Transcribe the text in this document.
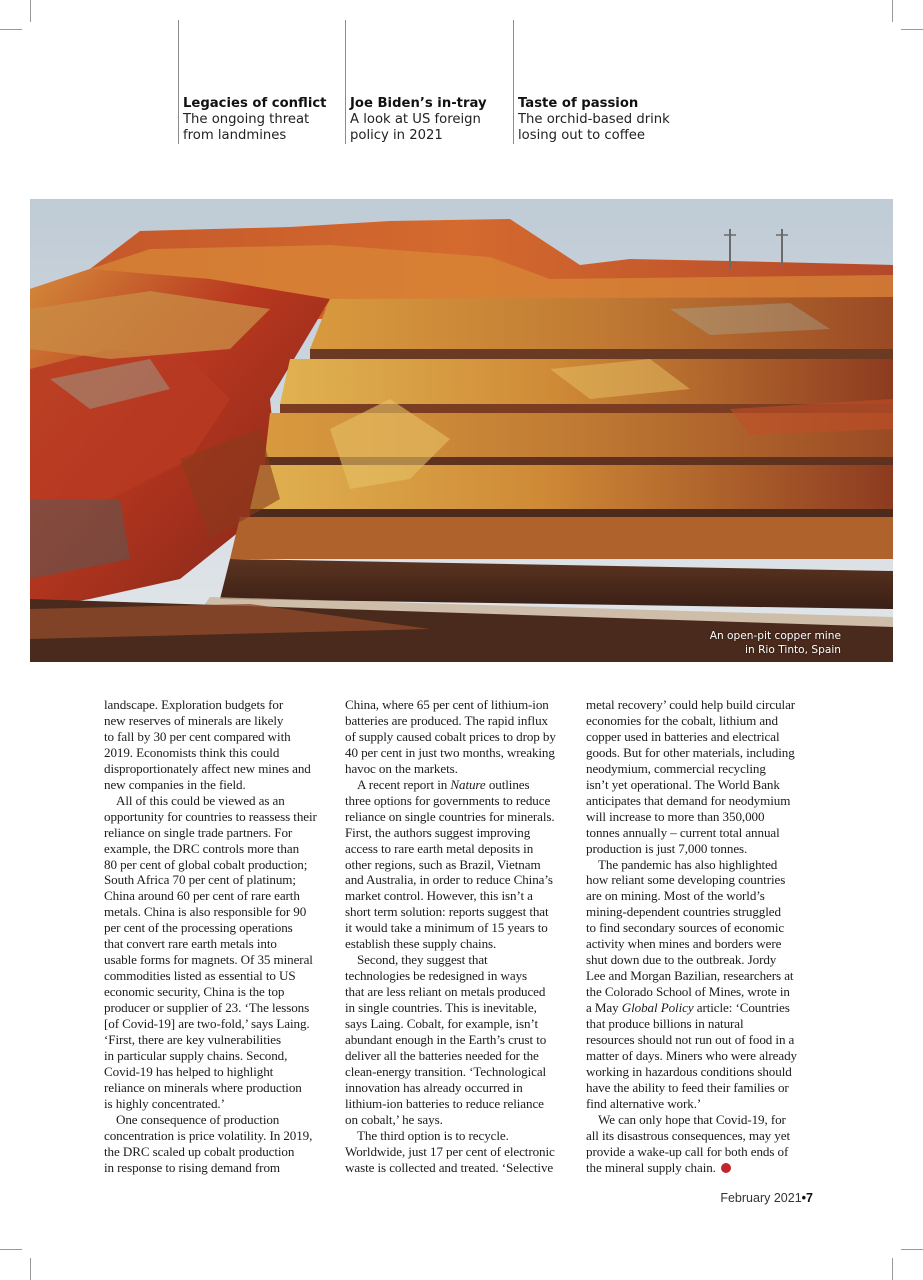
Legacies of conflict
The ongoing threat
from landmines
Joe Biden’s in-tray
A look at US foreign
policy in 2021
Taste of passion
The orchid-based drink
losing out to coffee
An open-pit copper mine
in Rio Tinto, Spain
landscape. Exploration budgets for
new reserves of minerals are likely
to fall by 30 per cent compared with
2019. Economists think this could
disproportionately affect new mines and
new companies in the field.
All of this could be viewed as an
opportunity for countries to reassess their
reliance on single trade partners. For
example, the DRC controls more than
80 per cent of global cobalt production;
South Africa 70 per cent of platinum;
China around 60 per cent of rare earth
metals. China is also responsible for 90
per cent of the processing operations
that convert rare earth metals into
usable forms for magnets. Of 35 mineral
commodities listed as essential to US
economic security, China is the top
producer or supplier of 23. ‘The lessons
[of Covid-19] are two-fold,’ says Laing.
‘First, there are key vulnerabilities
in particular supply chains. Second,
Covid-19 has helped to highlight
reliance on minerals where production
is highly concentrated.’
One consequence of production
concentration is price volatility. In 2019,
the DRC scaled up cobalt production
in response to rising demand from
China, where 65 per cent of lithium-ion
batteries are produced. The rapid influx
of supply caused cobalt prices to drop by
40 per cent in just two months, wreaking
havoc on the markets.
A recent report in Nature outlines
three options for governments to reduce
reliance on single countries for minerals.
First, the authors suggest improving
access to rare earth metal deposits in
other regions, such as Brazil, Vietnam
and Australia, in order to reduce China’s
market control. However, this isn’t a
short term solution: reports suggest that
it would take a minimum of 15 years to
establish these supply chains.
Second, they suggest that
technologies be redesigned in ways
that are less reliant on metals produced
in single countries. This is inevitable,
says Laing. Cobalt, for example, isn’t
abundant enough in the Earth’s crust to
deliver all the batteries needed for the
clean-energy transition. ‘Technological
innovation has already occurred in
lithium-ion batteries to reduce reliance
on cobalt,’ he says.
The third option is to recycle.
Worldwide, just 17 per cent of electronic
waste is collected and treated. ‘Selective
metal recovery’ could help build circular
economies for the cobalt, lithium and
copper used in batteries and electrical
goods. But for other materials, including
neodymium, commercial recycling
isn’t yet operational. The World Bank
anticipates that demand for neodymium
will increase to more than 350,000
tonnes annually – current total annual
production is just 7,000 tonnes.
The pandemic has also highlighted
how reliant some developing countries
are on mining. Most of the world’s
mining-dependent countries struggled
to find secondary sources of economic
activity when mines and borders were
shut down due to the outbreak. Jordy
Lee and Morgan Bazilian, researchers at
the Colorado School of Mines, wrote in
a May Global Policy article: ‘Countries
that produce billions in natural
resources should not run out of food in a
matter of days. Miners who were already
working in hazardous conditions should
have the ability to feed their families or
find alternative work.’
We can only hope that Covid-19, for
all its disastrous consequences, may yet
provide a wake-up call for both ends of
the mineral supply chain.
February 2021•7
